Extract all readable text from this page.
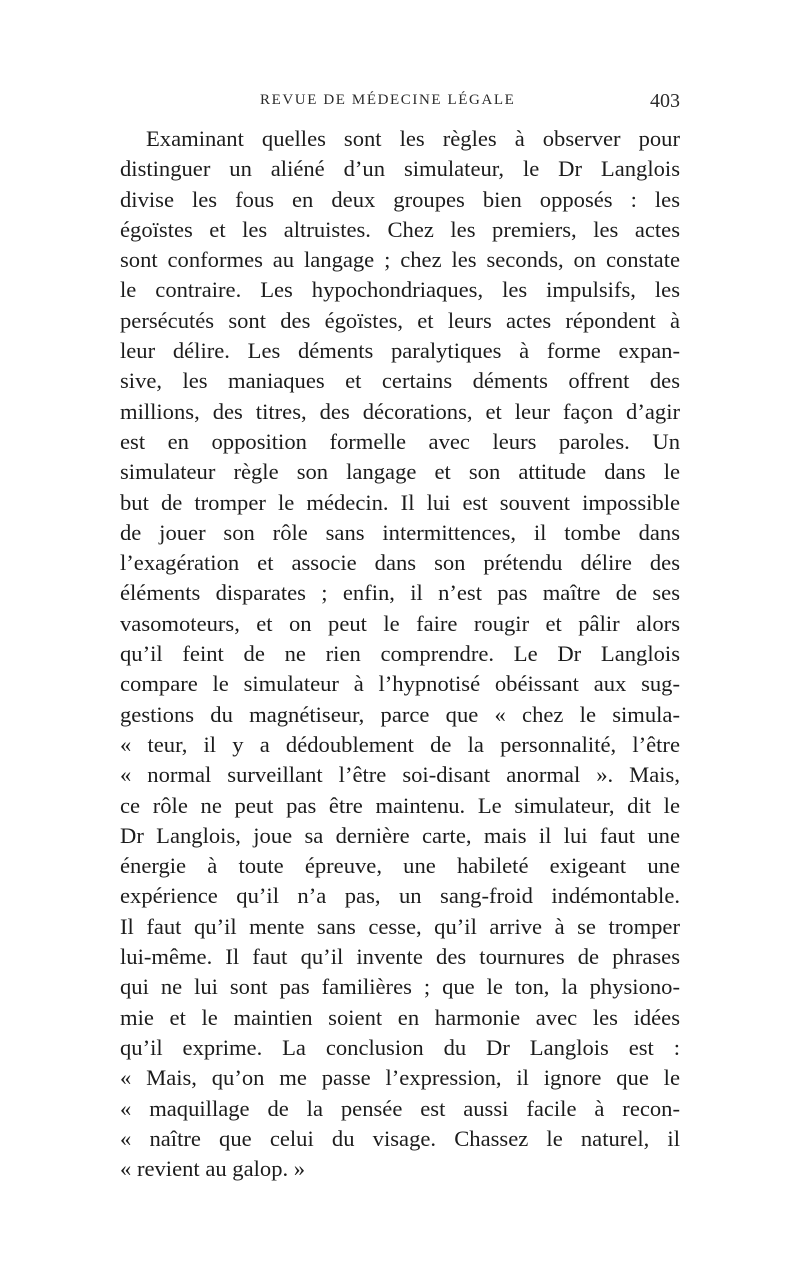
REVUE DE MÉDECINE LÉGALE	403
Examinant quelles sont les règles à observer pour
distinguer un aliéné d’un simulateur, le Dr Langlois
divise les fous en deux groupes bien opposés : les
égoïstes et les altruistes. Chez les premiers, les actes
sont conformes au langage ; chez les seconds, on constate
le contraire. Les hypochondriaques, les impulsifs, les
persécutés sont des égoïstes, et leurs actes répondent à
leur délire. Les déments paralytiques à forme expan-
sive, les maniaques et certains déments offrent des
millions, des titres, des décorations, et leur façon d’agir
est en opposition formelle avec leurs paroles. Un
simulateur règle son langage et son attitude dans le
but de tromper le médecin. Il lui est souvent impossible
de jouer son rôle sans intermittences, il tombe dans
l’exagération et associe dans son prétendu délire des
éléments disparates ; enfin, il n’est pas maître de ses
vasomoteurs, et on peut le faire rougir et pâlir alors
qu’il feint de ne rien comprendre. Le Dr Langlois
compare le simulateur à l’hypnotisé obéissant aux sug-
gestions du magnétiseur, parce que « chez le simula-
« teur, il y a dédoublement de la personnalité, l’être
« normal surveillant l’être soi-disant anormal ». Mais,
ce rôle ne peut pas être maintenu. Le simulateur, dit le
Dr Langlois, joue sa dernière carte, mais il lui faut une
énergie à toute épreuve, une habileté exigeant une
expérience qu’il n’a pas, un sang-froid indémontable.
Il faut qu’il mente sans cesse, qu’il arrive à se tromper
lui-même. Il faut qu’il invente des tournures de phrases
qui ne lui sont pas familières ; que le ton, la physiono-
mie et le maintien soient en harmonie avec les idées
qu’il exprime. La conclusion du Dr Langlois est :
« Mais, qu’on me passe l’expression, il ignore que le
« maquillage de la pensée est aussi facile à recon-
« naître que celui du visage. Chassez le naturel, il
« revient au galop. »
